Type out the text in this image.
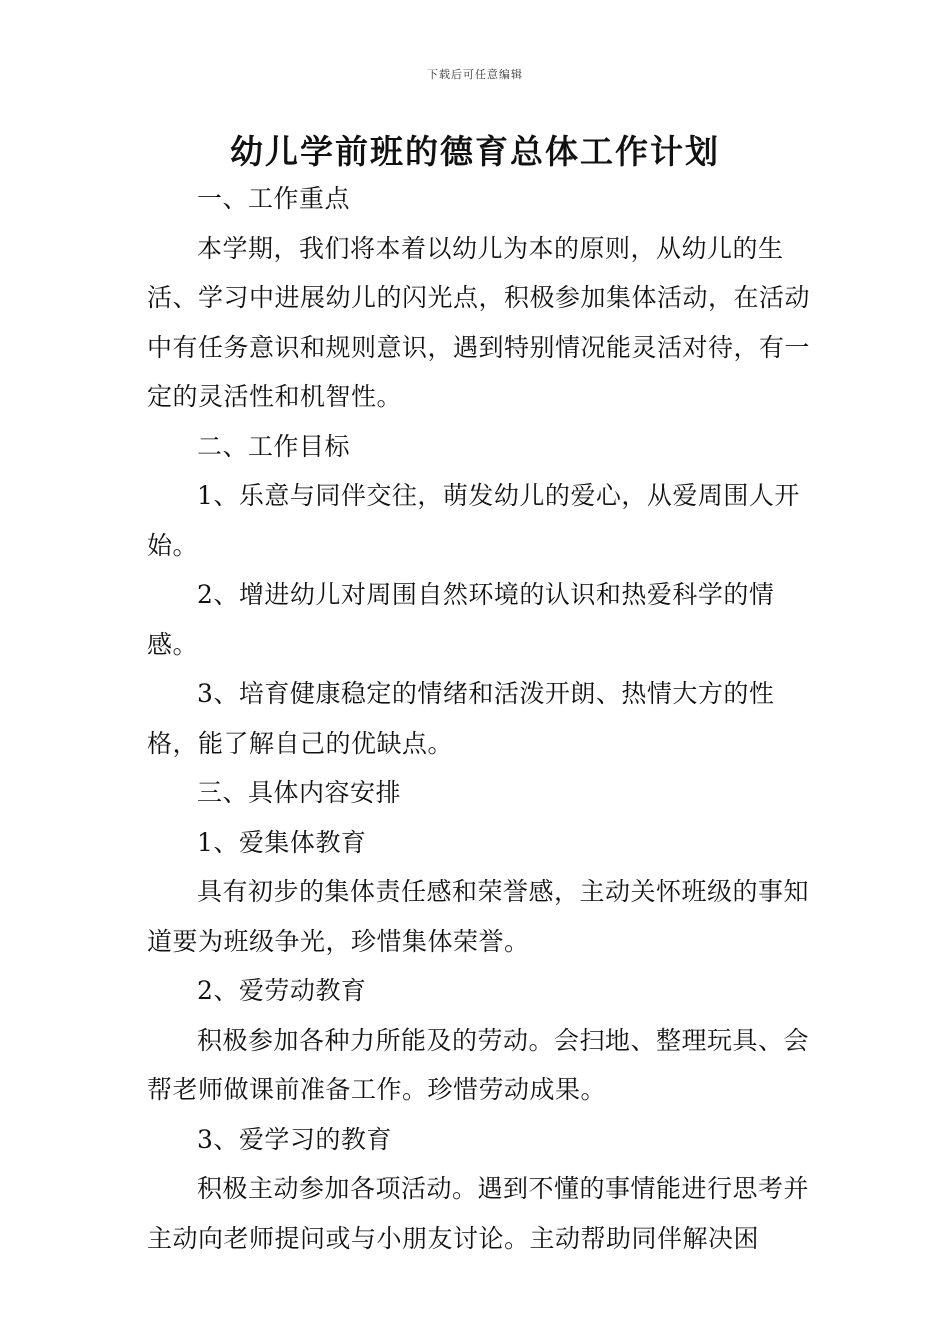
下载后可任意编辑
幼儿学前班的德育总体工作计划

一、工作重点

本学期，我们将本着以幼儿为本的原则，从幼儿的生活、学习中进展幼儿的闪光点，积极参加集体活动，在活动中有任务意识和规则意识，遇到特别情况能灵活对待，有一定的灵活性和机智性。

二、工作目标

1、乐意与同伴交往，萌发幼儿的爱心，从爱周围人开始。

2、增进幼儿对周围自然环境的认识和热爱科学的情感。

3、培育健康稳定的情绪和活泼开朗、热情大方的性格，能了解自己的优缺点。

三、具体内容安排

1、爱集体教育

具有初步的集体责任感和荣誉感，主动关怀班级的事知道要为班级争光，珍惜集体荣誉。

2、爱劳动教育

积极参加各种力所能及的劳动。会扫地、整理玩具、会帮老师做课前准备工作。珍惜劳动成果。

3、爱学习的教育

积极主动参加各项活动。遇到不懂的事情能进行思考并主动向老师提问或与小朋友讨论。主动帮助同伴解决困
